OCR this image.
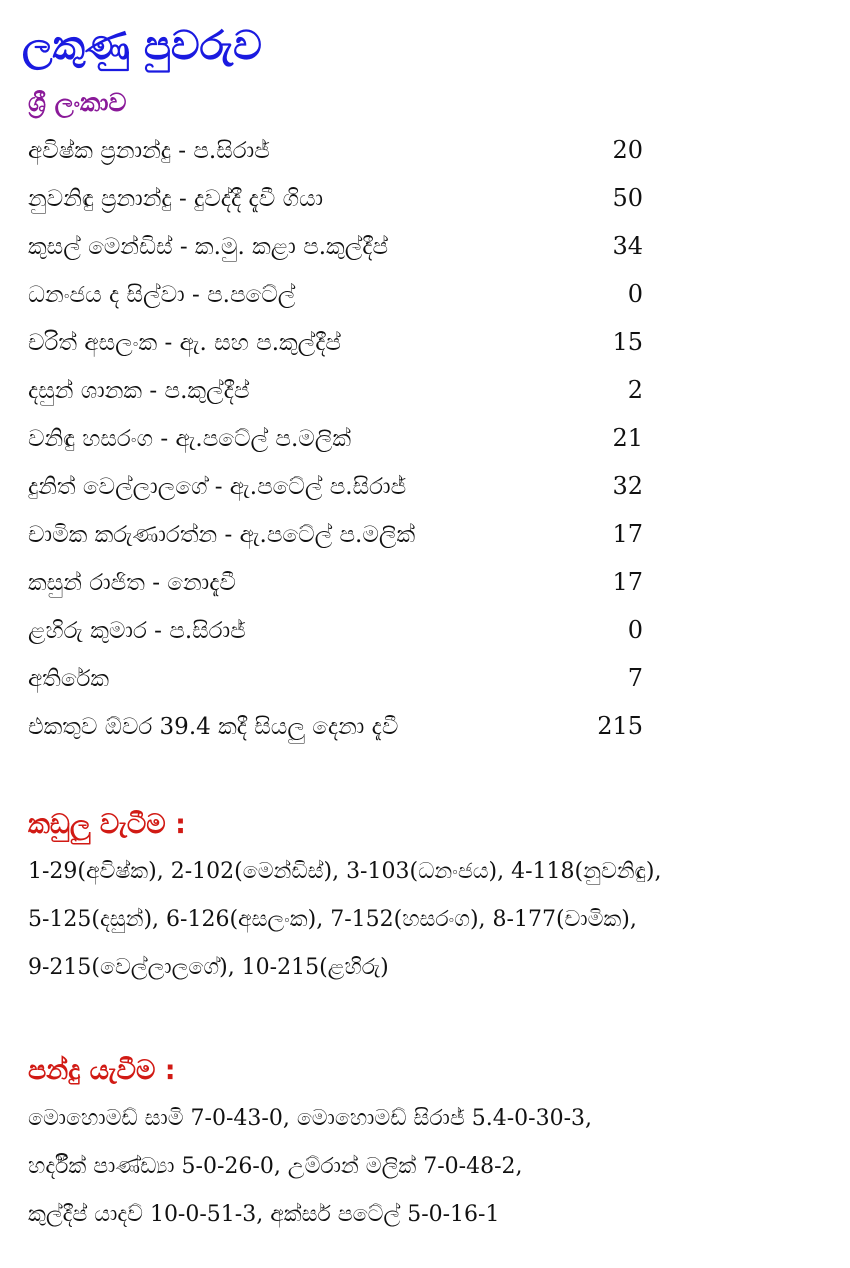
ලකුණු පුවරුව
ශ්‍රී ලංකාව
අවිෂ්ක ප්‍රනාන්දු - ප.සිරාජ්	20
නුවනිඳු ප්‍රනාන්දු - දුවද්දී දැවී ගියා	50
කුසල් මෙන්ඩිස් - ක.මු. කළා ප.කුල්දීප්	34
ධනංජය ද සිල්වා - ප.පටේල්	0
චරිත් අසලංක - ඇ. සහ ප.කුල්දීප්	15
දසුන් ශානක - ප.කුල්දීප්	2
වනිඳු හසරංග - ඇ.පටේල් ප.මලික්	21
දුනිත් වෙල්ලාලගේ - ඇ.පටේල් ප.සිරාජ්	32
චාමික කරුණාරත්න - ඇ.පටේල් ප.මලික්	17
කසුන් රාජිත - නොදැවී	17
ළහිරු කුමාර - ප.සිරාජ්	0
අතිරේක	7
එකතුව ඕවර 39.4 කදී සියලු දෙනා දැවී	215
කඩුලු වැටීම :
1-29(අවිෂ්ක), 2-102(මෙන්ඩිස්), 3-103(ධනංජය), 4-118(නුවනිඳු),
5-125(දසුන්), 6-126(අසලංක), 7-152(හසරංග), 8-177(චාමික),
9-215(වෙල්ලාලගේ), 10-215(ළහිරු)
පන්දු යැවීම :
මොහොමඩ් සාමි 7-0-43-0, මොහොමඩ් සිරාජ් 5.4-0-30-3,
හර්දීක් පාණ්ඩ්‍යා 5-0-26-0, උම්රාන් මලික් 7-0-48-2,
කුල්දීප් යාදව් 10-0-51-3, අක්සර් පටේල් 5-0-16-1
